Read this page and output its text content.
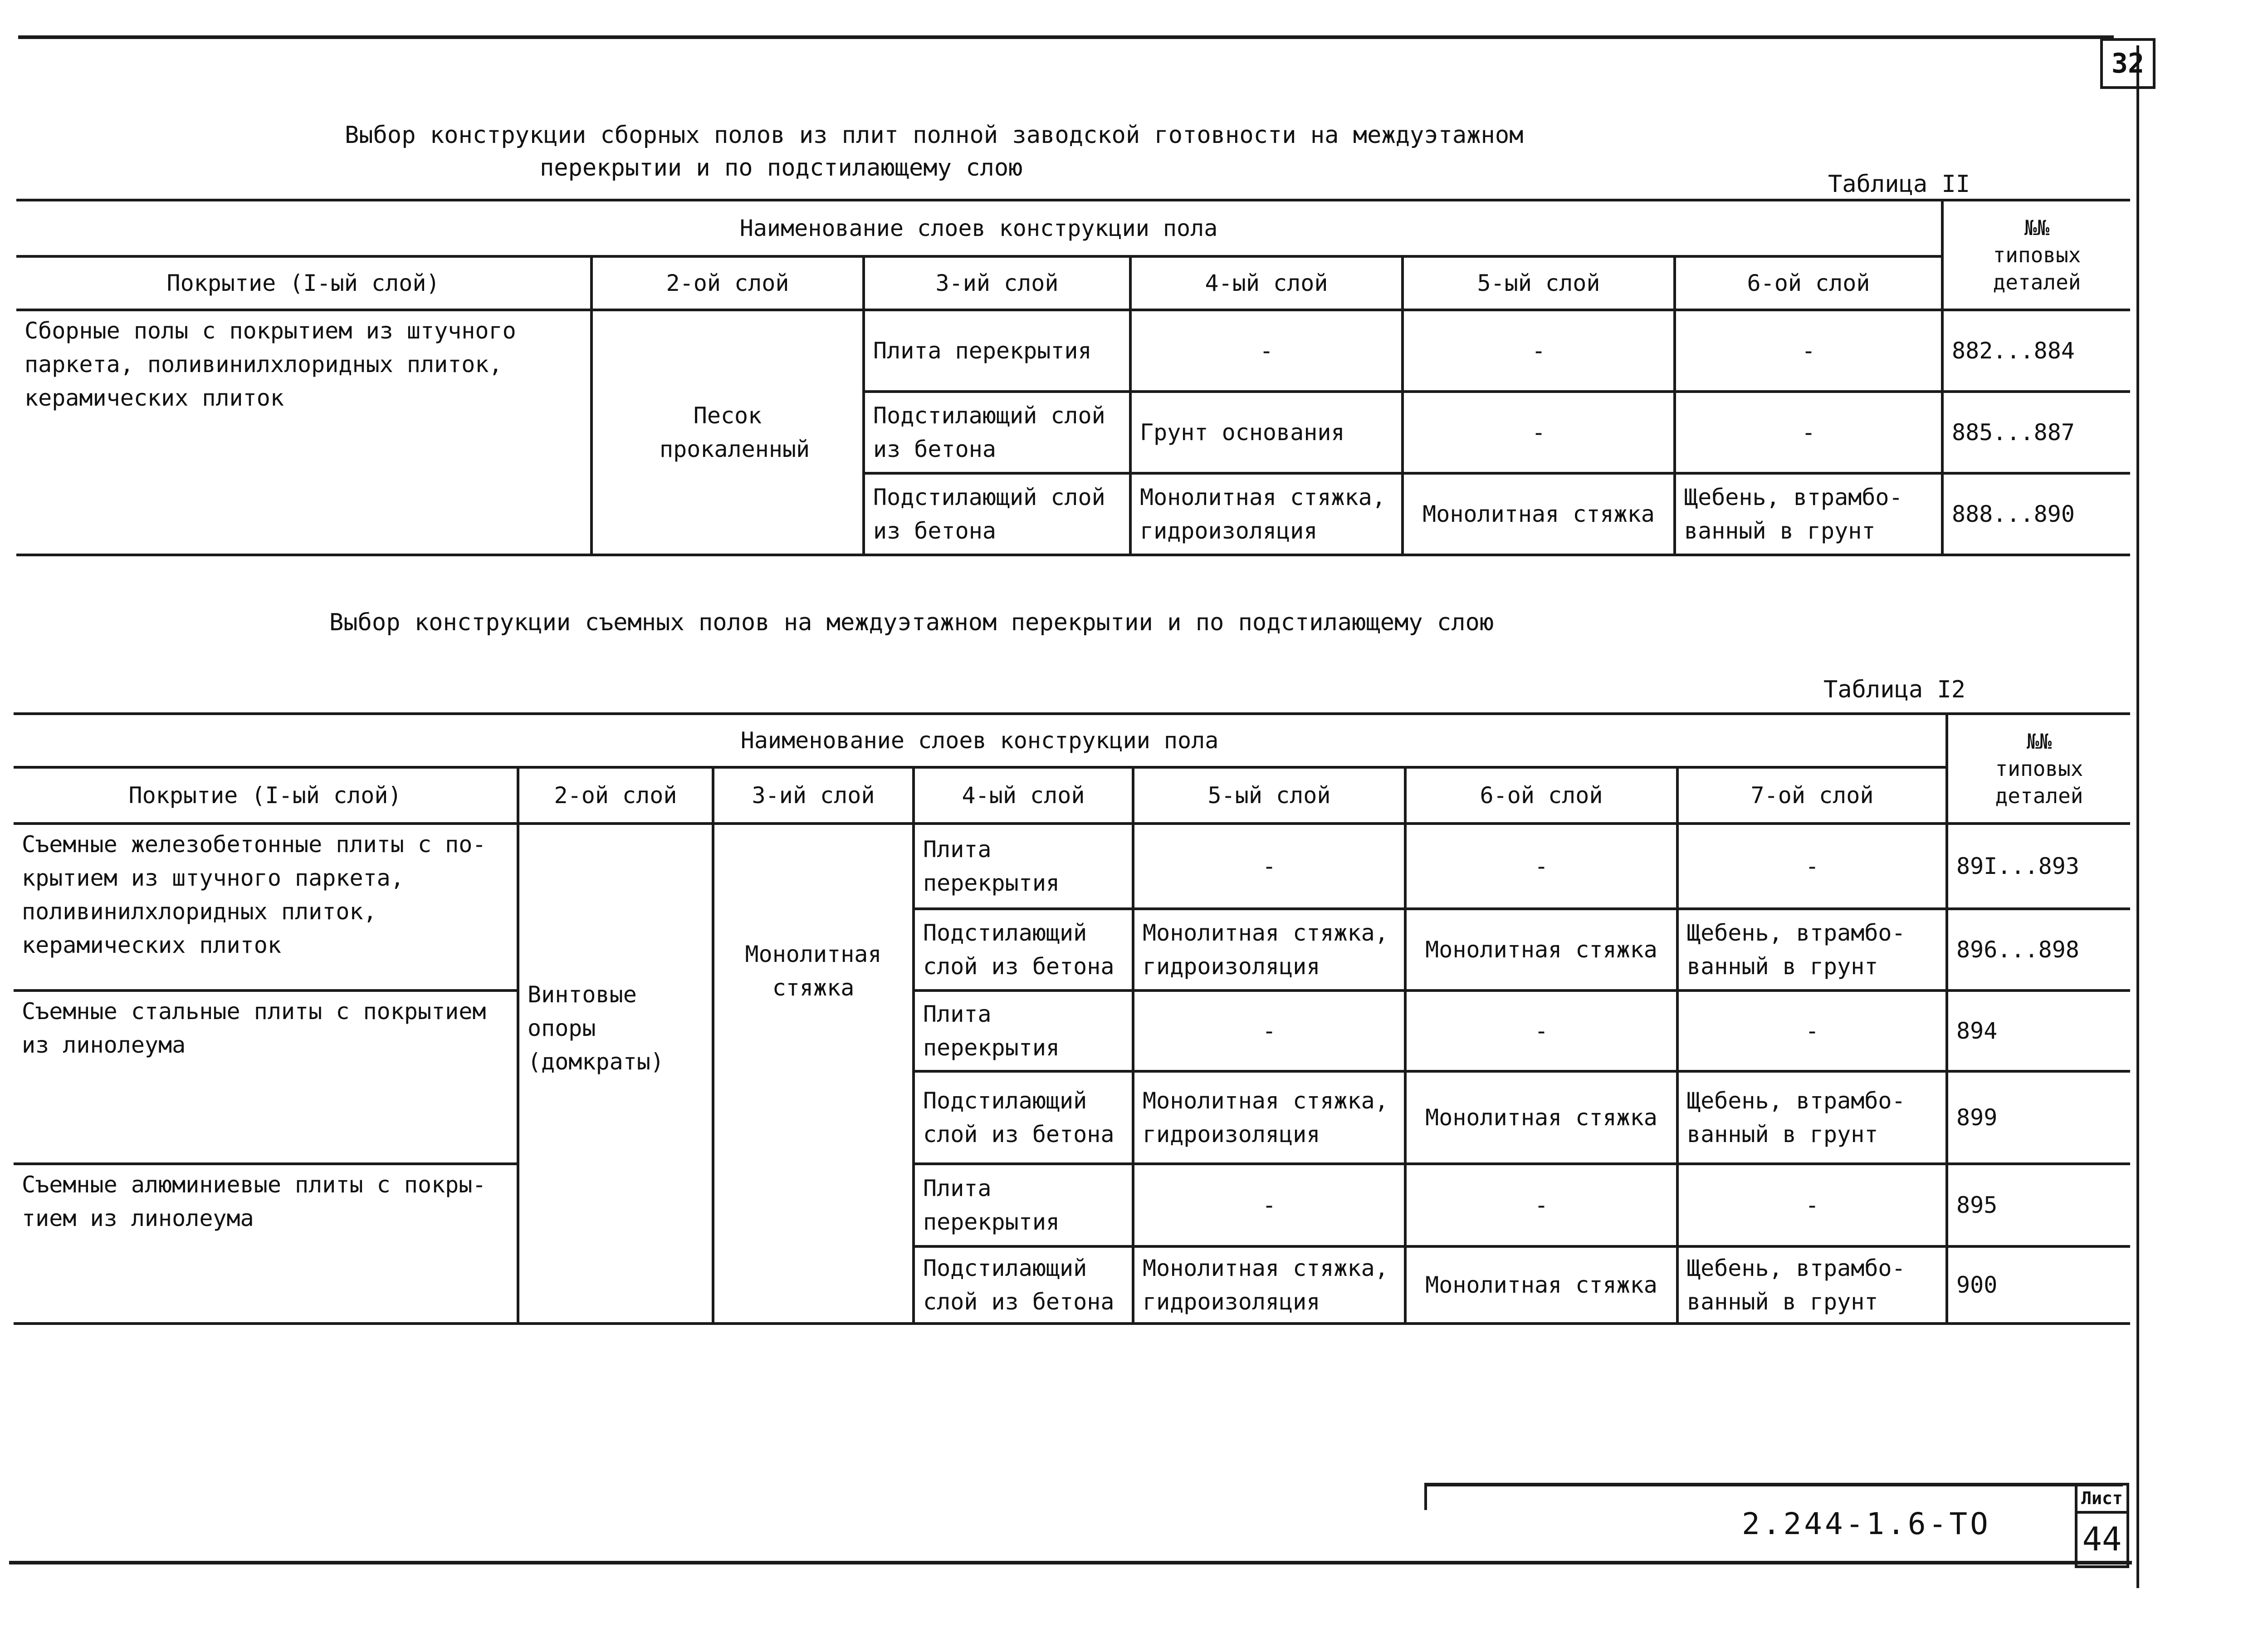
32
Выбор конструкции сборных полов из плит полной заводской готовности на междуэтажном
перекрытии и по подстилающему слою
Таблица II
Наименование слоев конструкции пола						№№
типовых
деталей
Покрытие (I-ый слой)	2-ой слой	3-ий слой	4-ый слой	5-ый слой	6-ой слой	
Сборные полы с покрытием из штучного паркета, поливинилхлоридных плиток, керамических плиток	Песок прокаленный	Плита перекрытия	-	-	-	882...884
		Подстилающий слой из бетона	Грунт основания	-	-	885...887
		Подстилающий слой из бетона	Монолитная стяжка, гидроизоляция	Монолитная стяжка	Щебень, втрамбо-ванный в грунт	888...890
Выбор конструкции съемных полов на междуэтажном перекрытии и по подстилающему слою
Таблица I2
Наименование слоев конструкции пола							№№
типовых
деталей
Покрытие (I-ый слой)	2-ой слой	3-ий слой	4-ый слой	5-ый слой	6-ой слой	7-ой слой	
Съемные железобетонные плиты с по-крытием из штучного паркета, поливинилхлоридных плиток, керамических плиток	Винтовые опоры (домкраты)	Монолитная стяжка	Плита перекрытия	-	-	-	89I...893
			Подстилающий слой из бетона	Монолитная стяжка, гидроизоляция	Монолитная стяжка	Щебень, втрамбо-ванный в грунт	896...898
Съемные стальные плиты с покрытием из линолеума			Плита перекрытия	-	-	-	894
			Подстилающий слой из бетона	Монолитная стяжка, гидроизоляция	Монолитная стяжка	Щебень, втрамбо-ванный в грунт	899
Съемные алюминиевые плиты с покры-тием из линолеума			Плита перекрытия	-	-	-	895
			Подстилающий слой из бетона	Монолитная стяжка, гидроизоляция	Монолитная стяжка	Щебень, втрамбо-ванный в грунт	900
2.244-1.6-ТО
Лист
44
